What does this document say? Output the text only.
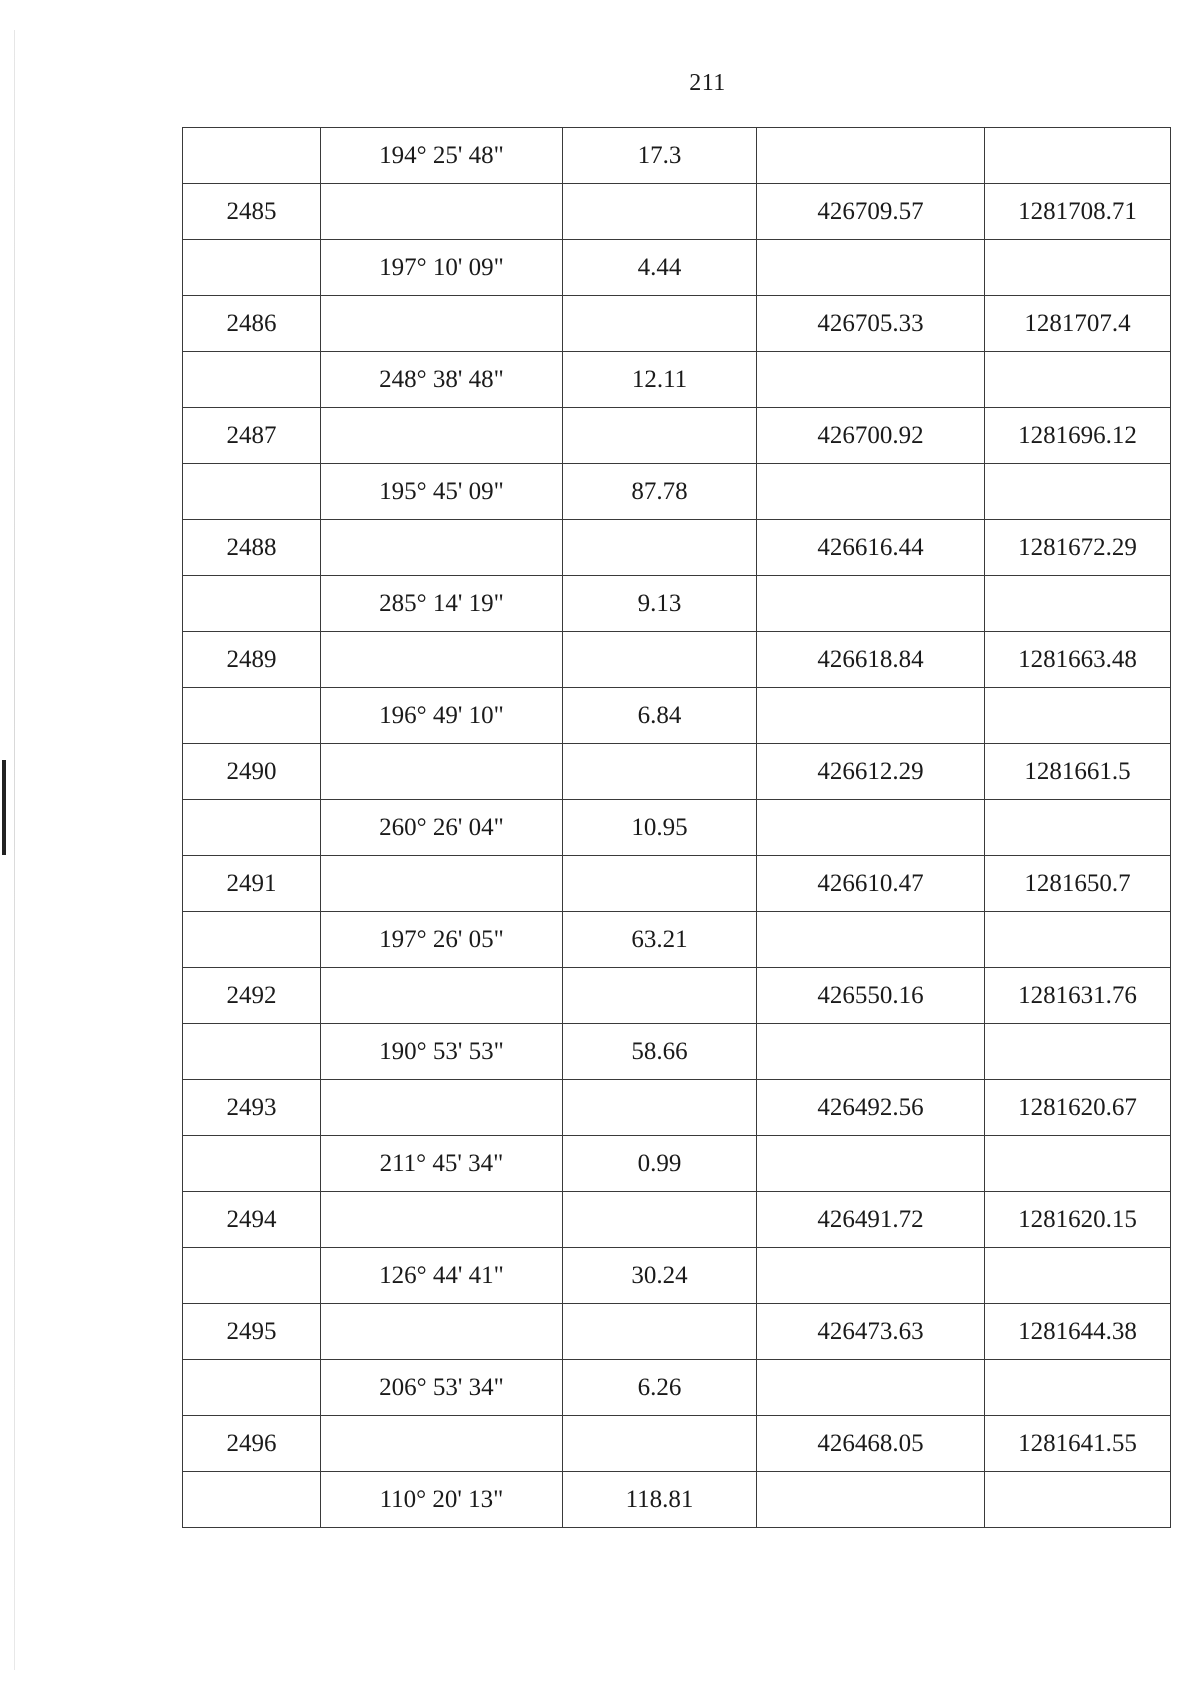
211
	194° 25' 48"	17.3		
2485			426709.57	1281708.71
	197° 10' 09"	4.44		
2486			426705.33	1281707.4
	248° 38' 48"	12.11		
2487			426700.92	1281696.12
	195° 45' 09"	87.78		
2488			426616.44	1281672.29
	285° 14' 19"	9.13		
2489			426618.84	1281663.48
	196° 49' 10"	6.84		
2490			426612.29	1281661.5
	260° 26' 04"	10.95		
2491			426610.47	1281650.7
	197° 26' 05"	63.21		
2492			426550.16	1281631.76
	190° 53' 53"	58.66		
2493			426492.56	1281620.67
	211° 45' 34"	0.99		
2494			426491.72	1281620.15
	126° 44' 41"	30.24		
2495			426473.63	1281644.38
	206° 53' 34"	6.26		
2496			426468.05	1281641.55
	110° 20' 13"	118.81		
